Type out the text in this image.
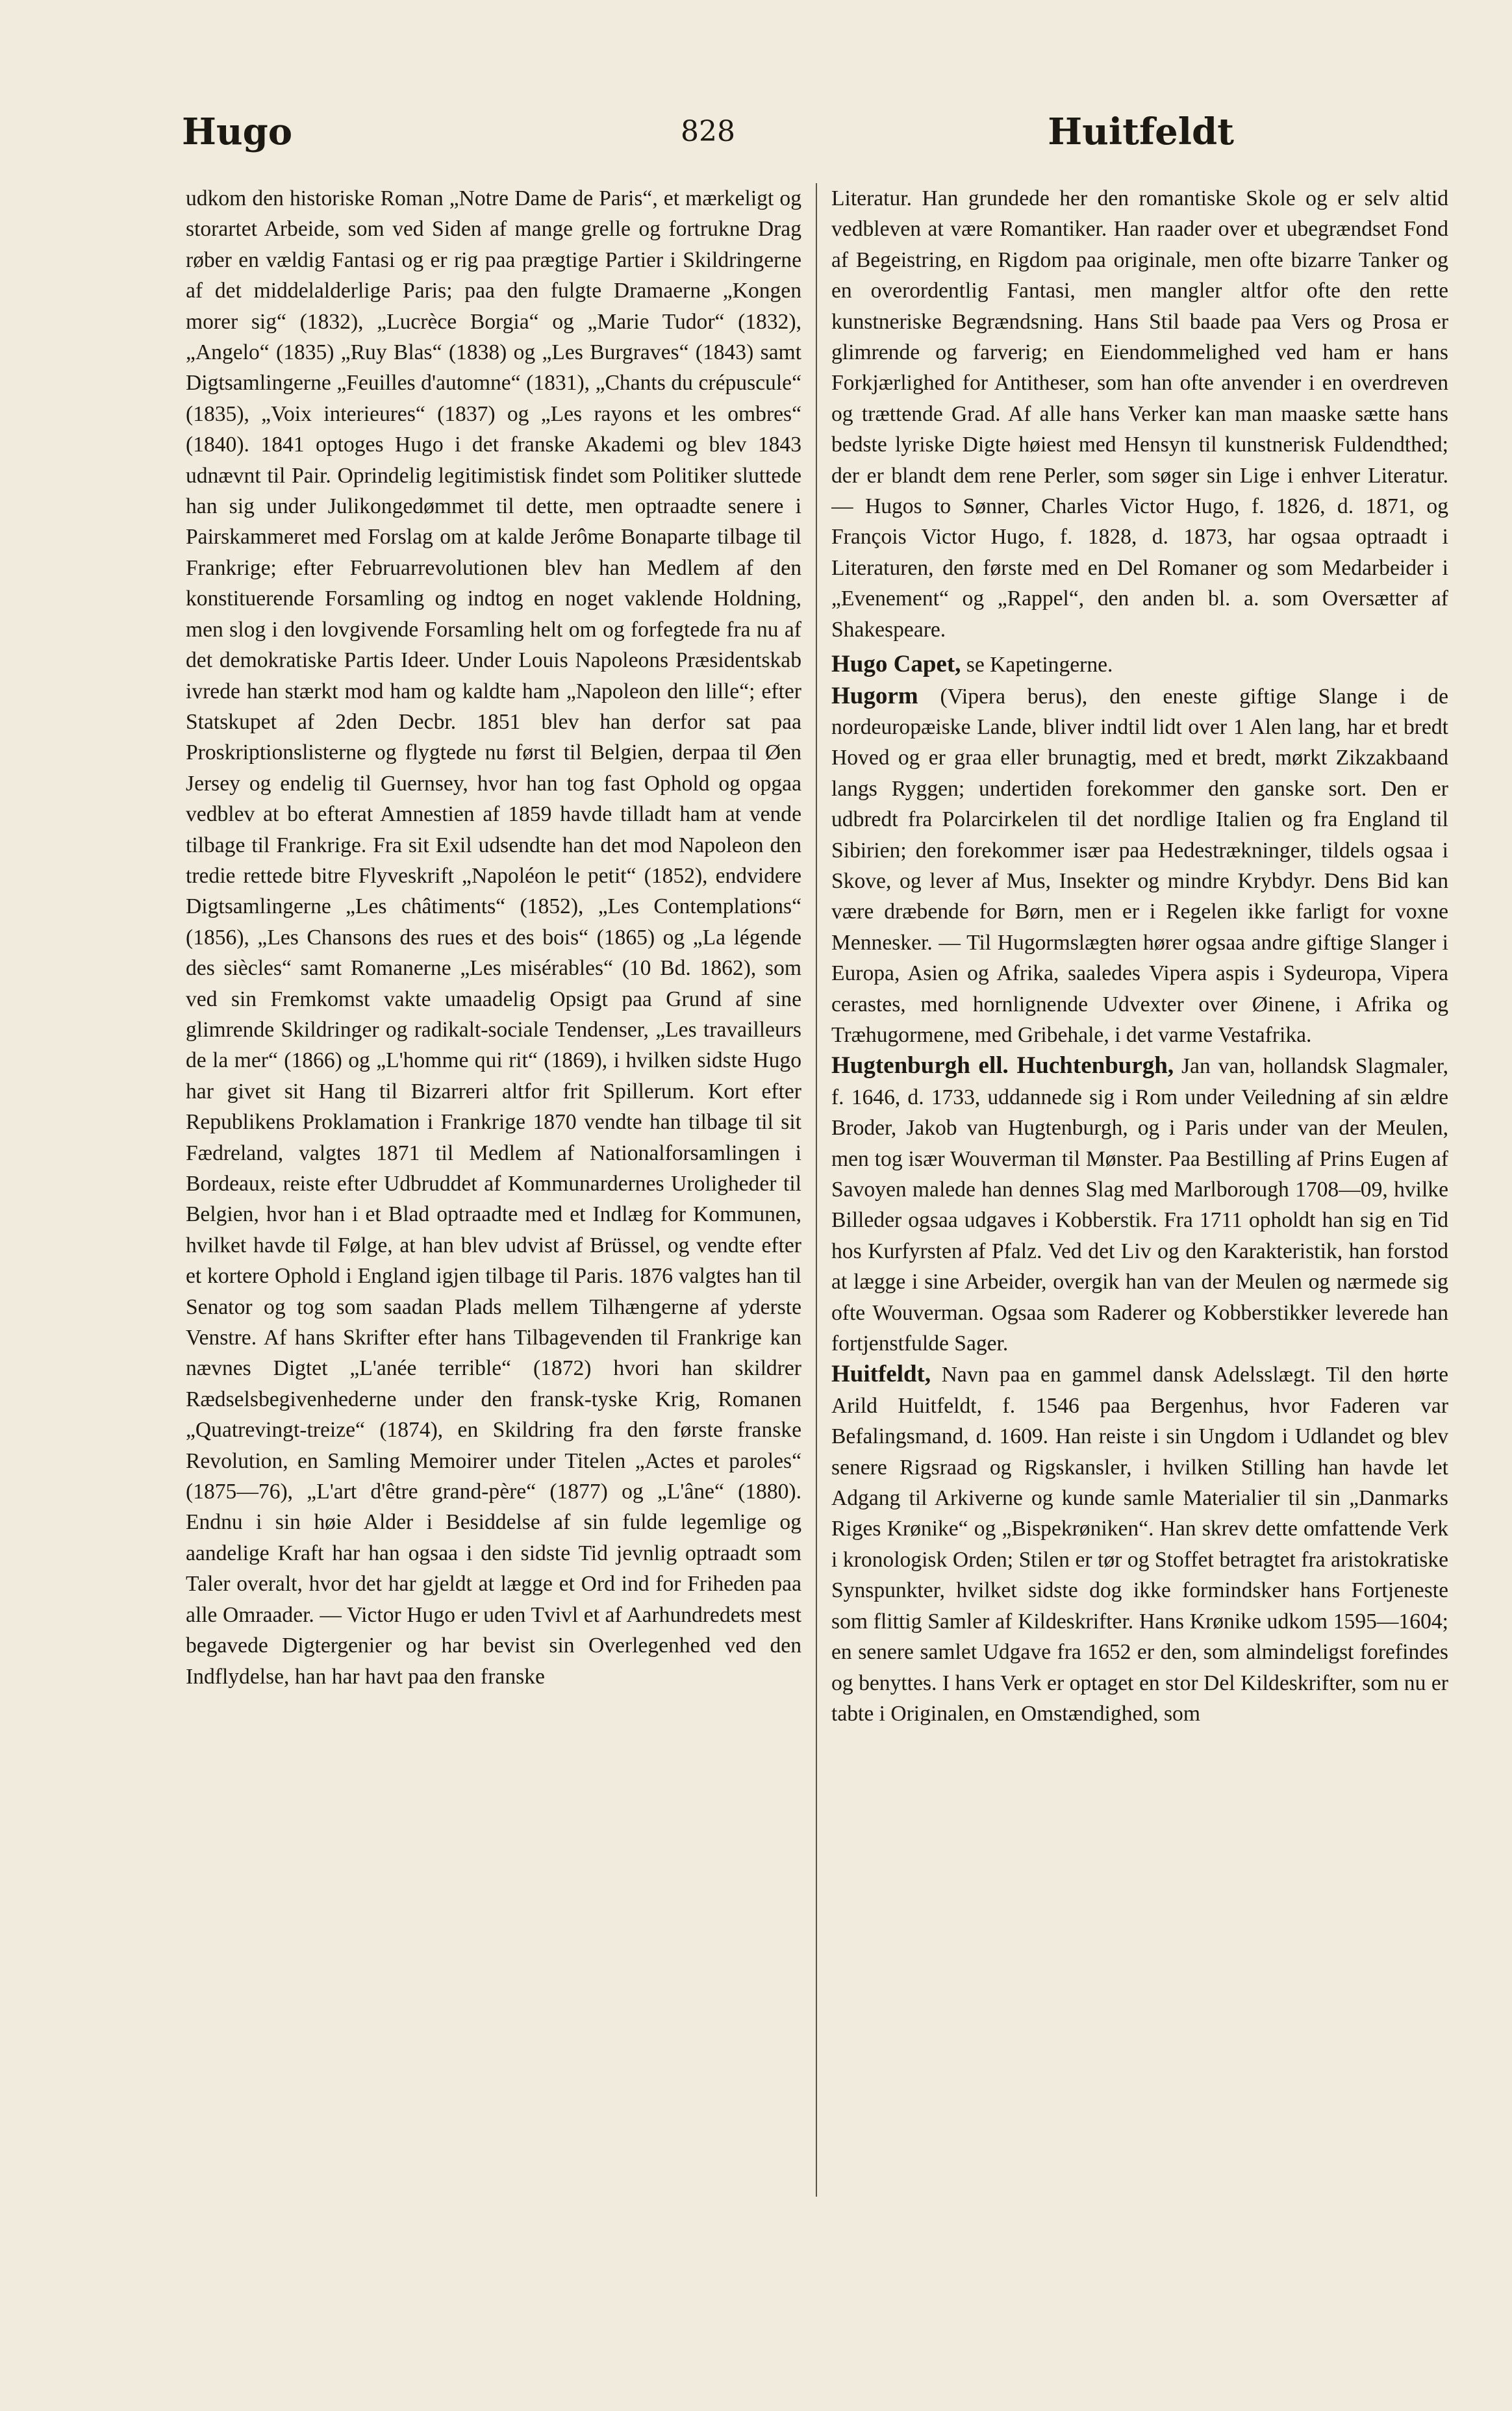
Hugo	828	Huitfeldt

udkom den historiske Roman „Notre Dame de Paris“, et mærkeligt og storartet Arbeide, som ved Siden af mange grelle og fortrukne Drag røber en vældig Fantasi og er rig paa prægtige Partier i Skildringerne af det middelalderlige Paris; paa den fulgte Dramaerne „Kongen morer sig“ (1832), „Lucrèce Borgia“ og „Marie Tudor“ (1832), „Angelo“ (1835) „Ruy Blas“ (1838) og „Les Burgraves“ (1843) samt Digtsamlingerne „Feuilles d'automne“ (1831), „Chants du crépuscule“ (1835), „Voix interieures“ (1837) og „Les rayons et les ombres“ (1840). 1841 optoges Hugo i det franske Akademi og blev 1843 udnævnt til Pair. Oprindelig legitimistisk findet som Politiker sluttede han sig under Julikongedømmet til dette, men optraadte senere i Pairskammeret med Forslag om at kalde Jerôme Bonaparte tilbage til Frankrige; efter Februarrevolutionen blev han Medlem af den konstituerende Forsamling og indtog en noget vaklende Holdning, men slog i den lovgivende Forsamling helt om og forfegtede fra nu af det demokratiske Partis Ideer. Under Louis Napoleons Præsidentskab ivrede han stærkt mod ham og kaldte ham „Napoleon den lille“; efter Statskupet af 2den Decbr. 1851 blev han derfor sat paa Proskriptionslisterne og flygtede nu først til Belgien, derpaa til Øen Jersey og endelig til Guernsey, hvor han tog fast Ophold og opgaa vedblev at bo efterat Amnestien af 1859 havde tilladt ham at vende tilbage til Frankrige. Fra sit Exil udsendte han det mod Napoleon den tredie rettede bitre Flyveskrift „Napoléon le petit“ (1852), endvidere Digtsamlingerne „Les châtiments“ (1852), „Les Contemplations“ (1856), „Les Chansons des rues et des bois“ (1865) og „La légende des siècles“ samt Romanerne „Les misérables“ (10 Bd. 1862), som ved sin Fremkomst vakte umaadelig Opsigt paa Grund af sine glimrende Skildringer og radikalt-sociale Tendenser, „Les travailleurs de la mer“ (1866) og „L'homme qui rit“ (1869), i hvilken sidste Hugo har givet sit Hang til Bizarreri altfor frit Spillerum. Kort efter Republikens Proklamation i Frankrige 1870 vendte han tilbage til sit Fædreland, valgtes 1871 til Medlem af Nationalforsamlingen i Bordeaux, reiste efter Udbruddet af Kommunardernes Uroligheder til Belgien, hvor han i et Blad optraadte med et Indlæg for Kommunen, hvilket havde til Følge, at han blev udvist af Brüssel, og vendte efter et kortere Ophold i England igjen tilbage til Paris. 1876 valgtes han til Senator og tog som saadan Plads mellem Tilhængerne af yderste Venstre. Af hans Skrifter efter hans Tilbagevenden til Frankrige kan nævnes Digtet „L'anée terrible“ (1872) hvori han skildrer Rædselsbegivenhederne under den fransk-tyske Krig, Romanen „Quatrevingt-treize“ (1874), en Skildring fra den første franske Revolution, en Samling Memoirer under Titelen „Actes et paroles“ (1875—76), „L'art d'être grand-père“ (1877) og „L'âne“ (1880). Endnu i sin høie Alder i Besiddelse af sin fulde legemlige og aandelige Kraft har han ogsaa i den sidste Tid jevnlig optraadt som Taler overalt, hvor det har gjeldt at lægge et Ord ind for Friheden paa alle Omraader. — Victor Hugo er uden Tvivl et af Aarhundredets mest begavede Digtergenier og har bevist sin Overlegenhed ved den Indflydelse, han har havt paa den franske

Literatur. Han grundede her den romantiske Skole og er selv altid vedbleven at være Romantiker. Han raader over et ubegrændset Fond af Begeistring, en Rigdom paa originale, men ofte bizarre Tanker og en overordentlig Fantasi, men mangler altfor ofte den rette kunstneriske Begrændsning. Hans Stil baade paa Vers og Prosa er glimrende og farverig; en Eiendommelighed ved ham er hans Forkjærlighed for Antitheser, som han ofte anvender i en overdreven og trættende Grad. Af alle hans Verker kan man maaske sætte hans bedste lyriske Digte høiest med Hensyn til kunstnerisk Fuldendthed; der er blandt dem rene Perler, som søger sin Lige i enhver Literatur. — Hugos to Sønner, Charles Victor Hugo, f. 1826, d. 1871, og François Victor Hugo, f. 1828, d. 1873, har ogsaa optraadt i Literaturen, den første med en Del Romaner og som Medarbeider i „Evenement“ og „Rappel“, den anden bl. a. som Oversætter af Shakespeare.

Hugo Capet, se Kapetingerne.

Hugorm (Vipera berus), den eneste giftige Slange i de nordeuropæiske Lande, bliver indtil lidt over 1 Alen lang, har et bredt Hoved og er graa eller brunagtig, med et bredt, mørkt Zikzakbaand langs Ryggen; undertiden forekommer den ganske sort. Den er udbredt fra Polarcirkelen til det nordlige Italien og fra England til Sibirien; den forekommer især paa Hedestrækninger, tildels ogsaa i Skove, og lever af Mus, Insekter og mindre Krybdyr. Dens Bid kan være dræbende for Børn, men er i Regelen ikke farligt for voxne Mennesker. — Til Hugormslægten hører ogsaa andre giftige Slanger i Europa, Asien og Afrika, saaledes Vipera aspis i Sydeuropa, Vipera cerastes, med hornlignende Udvexter over Øinene, i Afrika og Træhugormene, med Gribehale, i det varme Vestafrika.

Hugtenburgh ell. Huchtenburgh, Jan van, hollandsk Slagmaler, f. 1646, d. 1733, uddannede sig i Rom under Veiledning af sin ældre Broder, Jakob van Hugtenburgh, og i Paris under van der Meulen, men tog især Wouverman til Mønster. Paa Bestilling af Prins Eugen af Savoyen malede han dennes Slag med Marlborough 1708—09, hvilke Billeder ogsaa udgaves i Kobberstik. Fra 1711 opholdt han sig en Tid hos Kurfyrsten af Pfalz. Ved det Liv og den Karakteristik, han forstod at lægge i sine Arbeider, overgik han van der Meulen og nærmede sig ofte Wouverman. Ogsaa som Raderer og Kobberstikker leverede han fortjenstfulde Sager.

Huitfeldt, Navn paa en gammel dansk Adelsslægt. Til den hørte Arild Huitfeldt, f. 1546 paa Bergenhus, hvor Faderen var Befalingsmand, d. 1609. Han reiste i sin Ungdom i Udlandet og blev senere Rigsraad og Rigskansler, i hvilken Stilling han havde let Adgang til Arkiverne og kunde samle Materialier til sin „Danmarks Riges Krønike“ og „Bispekrøniken“. Han skrev dette omfattende Verk i kronologisk Orden; Stilen er tør og Stoffet betragtet fra aristokratiske Synspunkter, hvilket sidste dog ikke formindsker hans Fortjeneste som flittig Samler af Kildeskrifter. Hans Krønike udkom 1595—1604; en senere samlet Udgave fra 1652 er den, som almindeligst forefindes og benyttes. I hans Verk er optaget en stor Del Kildeskrifter, som nu er tabte i Originalen, en Omstændighed, som
